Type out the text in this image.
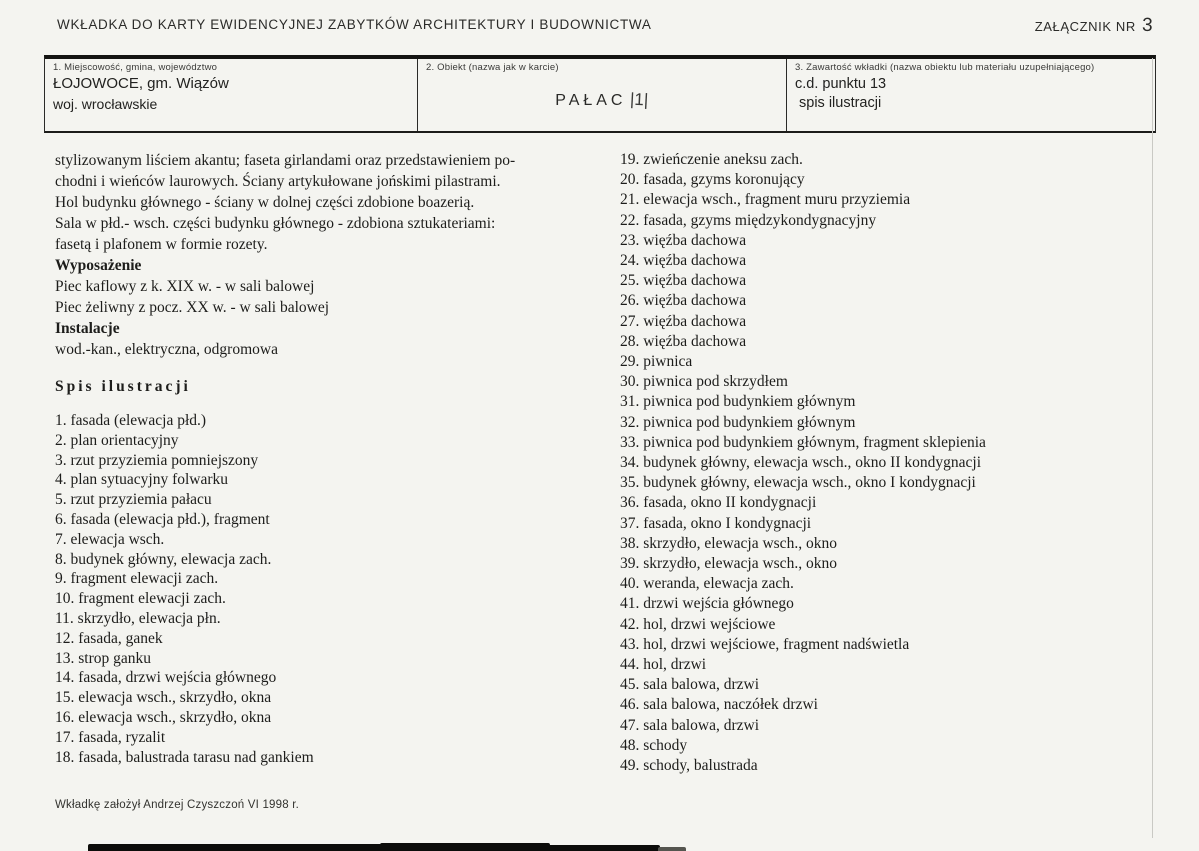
WKŁADKA DO KARTY EWIDENCYJNEJ ZABYTKÓW ARCHITEKTURY I BUDOWNICTWA	ZAŁĄCZNIK NR 3
1. Miejscowość, gmina, województwo
ŁOJOWOCE, gm. Wiązów
woj. wrocławskie
2. Obiekt (nazwa jak w karcie)
PAŁAC |1|
3. Zawartość wkładki (nazwa obiektu lub materiału uzupełniającego)
c.d. punktu 13
spis ilustracji
stylizowanym liściem akantu; faseta girlandami oraz przedstawieniem po-
chodni i wieńców laurowych. Ściany artykułowane jońskimi pilastrami.
Hol budynku głównego - ściany w dolnej części zdobione boazerią.
Sala w płd.- wsch. części budynku głównego - zdobiona sztukateriami:
fasetą i plafonem w formie rozety.
Wyposażenie
Piec kaflowy z k. XIX w. - w sali balowej
Piec żeliwny z pocz. XX w. - w sali balowej
Instalacje
wod.-kan., elektryczna, odgromowa
Spis ilustracji
1. fasada (elewacja płd.)
2. plan orientacyjny
3. rzut przyziemia pomniejszony
4. plan sytuacyjny folwarku
5. rzut przyziemia pałacu
6. fasada (elewacja płd.), fragment
7. elewacja wsch.
8. budynek główny, elewacja zach.
9. fragment elewacji zach.
10. fragment elewacji zach.
11. skrzydło, elewacja płn.
12. fasada, ganek
13. strop ganku
14. fasada, drzwi wejścia głównego
15. elewacja wsch., skrzydło, okna
16. elewacja wsch., skrzydło, okna
17. fasada, ryzalit
18. fasada, balustrada tarasu nad gankiem
19. zwieńczenie aneksu zach.
20. fasada, gzyms koronujący
21. elewacja wsch., fragment muru przyziemia
22. fasada, gzyms międzykondygnacyjny
23. więźba dachowa
24. więźba dachowa
25. więźba dachowa
26. więźba dachowa
27. więźba dachowa
28. więźba dachowa
29. piwnica
30. piwnica pod skrzydłem
31. piwnica pod budynkiem głównym
32. piwnica pod budynkiem głównym
33. piwnica pod budynkiem głównym, fragment sklepienia
34. budynek główny, elewacja wsch., okno II kondygnacji
35. budynek główny, elewacja wsch., okno I kondygnacji
36. fasada, okno II kondygnacji
37. fasada, okno I kondygnacji
38. skrzydło, elewacja wsch., okno
39. skrzydło, elewacja wsch., okno
40. weranda, elewacja zach.
41. drzwi wejścia głównego
42. hol, drzwi wejściowe
43. hol, drzwi wejściowe, fragment nadświetla
44. hol, drzwi
45. sala balowa, drzwi
46. sala balowa, naczółek drzwi
47. sala balowa, drzwi
48. schody
49. schody, balustrada
Wkładkę założył Andrzej Czyszczoń VI 1998 r.
